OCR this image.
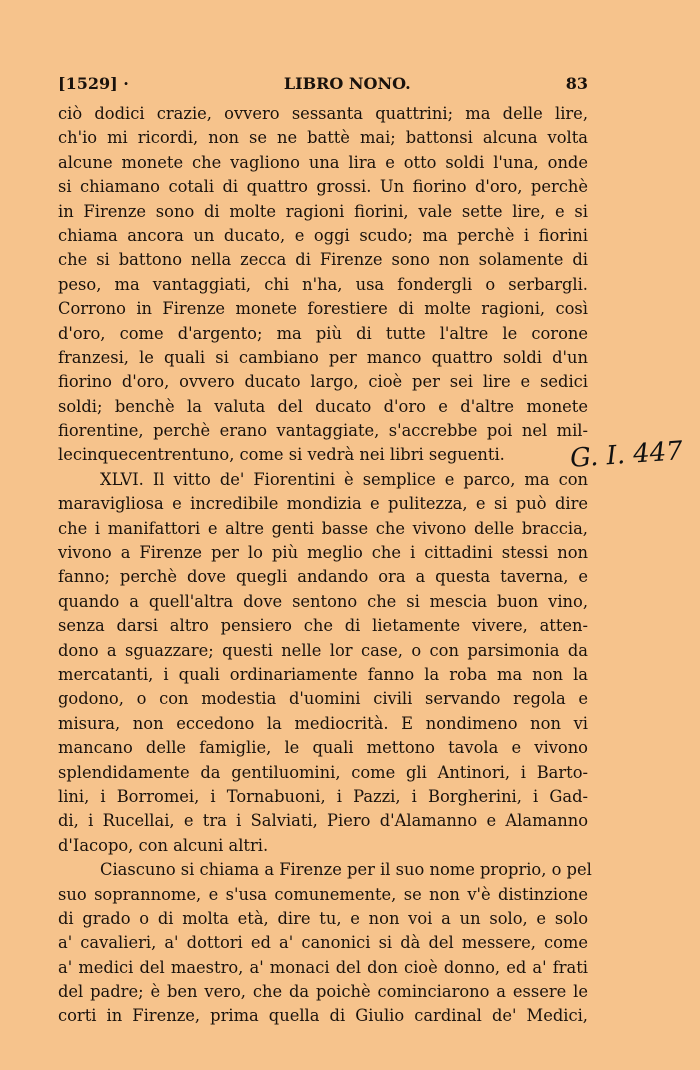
[1529] ·	LIBRO NONO.	83
ciò dodici crazie, ovvero sessanta quattrini; ma delle lire,
ch'io mi ricordi, non se ne battè mai; battonsi alcuna volta
alcune monete che vagliono una lira e otto soldi l'una, onde
si chiamano cotali di quattro grossi. Un fiorino d'oro, perchè
in Firenze sono di molte ragioni fiorini, vale sette lire, e si
chiama ancora un ducato, e oggi scudo; ma perchè i fiorini
che si battono nella zecca di Firenze sono non solamente di
peso, ma vantaggiati, chi n'ha, usa fondergli o serbargli.
Corrono in Firenze monete forestiere di molte ragioni, così
d'oro, come d'argento; ma più di tutte l'altre le corone
franzesi, le quali si cambiano per manco quattro soldi d'un
fiorino d'oro, ovvero ducato largo, cioè per sei lire e sedici
soldi; benchè la valuta del ducato d'oro e d'altre monete
fiorentine, perchè erano vantaggiate, s'accrebbe poi nel mil-
lecinquecentrentuno, come si vedrà nei libri seguenti.
XLVI. Il vitto de' Fiorentini è semplice e parco, ma con
maravigliosa e incredibile mondizia e pulitezza, e si può dire
che i manifattori e altre genti basse che vivono delle braccia,
vivono a Firenze per lo più meglio che i cittadini stessi non
fanno; perchè dove quegli andando ora a questa taverna, e
quando a quell'altra dove sentono che si mescia buon vino,
senza darsi altro pensiero che di lietamente vivere, atten-
dono a sguazzare; questi nelle lor case, o con parsimonia da
mercatanti, i quali ordinariamente fanno la roba ma non la
godono, o con modestia d'uomini civili servando regola e
misura, non eccedono la mediocrità. E nondimeno non vi
mancano delle famiglie, le quali mettono tavola e vivono
splendidamente da gentiluomini, come gli Antinori, i Barto-
lini, i Borromei, i Tornabuoni, i Pazzi, i Borgherini, i Gad-
di, i Rucellai, e tra i Salviati, Piero d'Alamanno e Alamanno
d'Iacopo, con alcuni altri.
Ciascuno si chiama a Firenze per il suo nome proprio, o pel
suo soprannome, e s'usa comunemente, se non v'è distinzione
di grado o di molta età, dire tu, e non voi a un solo, e solo
a' cavalieri, a' dottori ed a' canonici si dà del messere, come
a' medici del maestro, a' monaci del don cioè donno, ed a' frati
del padre; è ben vero, che da poichè cominciarono a essere le
corti in Firenze, prima quella di Giulio cardinal de' Medici,
G. I. 447
